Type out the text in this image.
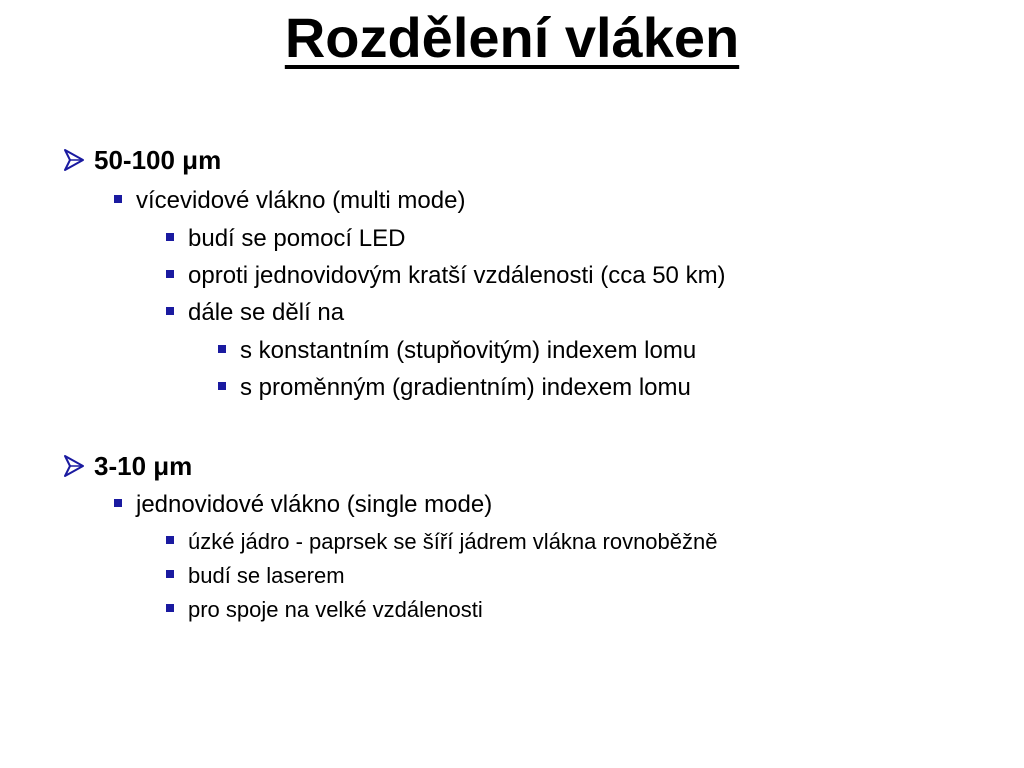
Rozdělení vláken
50-100 μm
vícevidové vlákno (multi mode)
budí se pomocí LED
oproti jednovidovým kratší vzdálenosti (cca 50 km)
dále se dělí na
s konstantním (stupňovitým) indexem lomu
s proměnným (gradientním) indexem lomu
3-10 μm
jednovidové vlákno (single mode)
úzké jádro - paprsek se šíří jádrem vlákna rovnoběžně
budí se laserem
pro spoje na velké vzdálenosti
